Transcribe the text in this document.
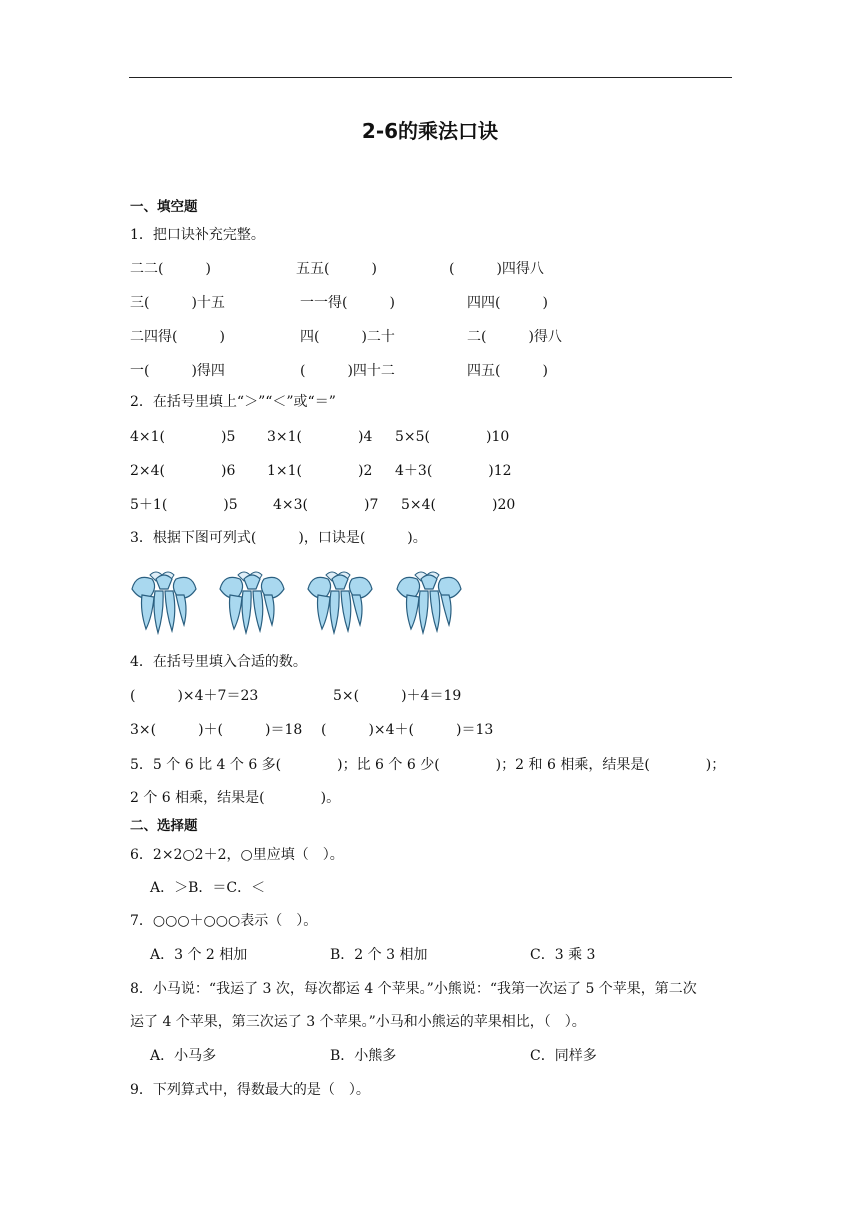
2-6的乘法口诀
一、填空题
1．把口诀补充完整。
二二(　　　)	五五(　　　)	(　　　)四得八
三(　　　)十五	一一得(　　　)	四四(　　　)
二四得(　　　)	四(　　　)二十	二(　　　)得八
一(　　　)得四	(　　　)四十二	四五(　　　)
2．在括号里填上“＞”“＜”或“＝”
4×1(　　　　)5 3×1(　　　　)4 5×5(　　　　)10
2×4(　　　　)6 1×1(　　　　)2 4＋3(　　　　)12
5＋1(　　　　)5	4×3(　　　　)7 5×4(　　　　)20
3．根据下图可列式(　　　)，口诀是(　　　)。
4．在括号里填入合适的数。
(　　　)×4＋7＝23	5×(　　　)＋4＝19
3×(　　　)＋(　　　)＝18 (　　　)×4＋(　　　)＝13
5．5 个 6 比 4 个 6 多(　　　　)；比 6 个 6 少(　　　　)；2 和 6 相乘，结果是(　　　　)；
2 个 6 相乘，结果是(　　　　)。
二、选择题
6．2×2○2＋2，○里应填（　）。
A．＞B．＝C．＜
7．○○○＋○○○表示（　）。
A．3 个 2 相加	B．2 个 3 相加	C．3 乘 3
8．小马说：“我运了 3 次，每次都运 4 个苹果。”小熊说：“我第一次运了 5 个苹果，第二次
运了 4 个苹果，第三次运了 3 个苹果。”小马和小熊运的苹果相比，（　）。
A．小马多	B．小熊多	C．同样多
9．下列算式中，得数最大的是（　）。
